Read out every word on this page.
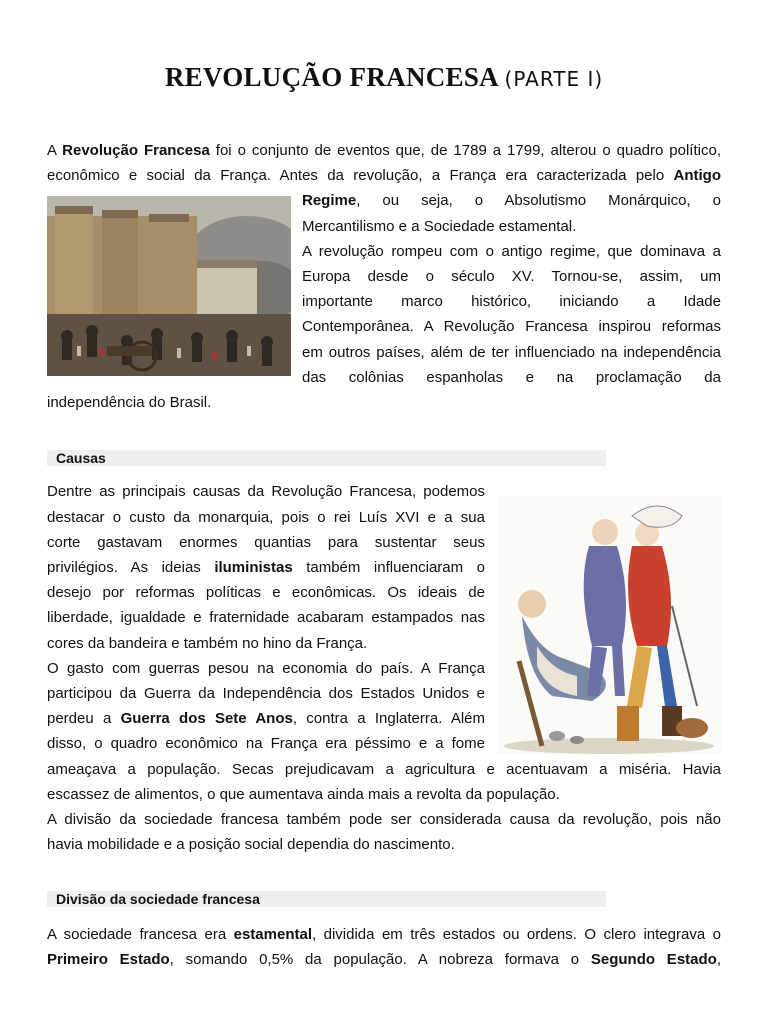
REVOLUÇÃO FRANCESA (PARTE I)
A Revolução Francesa foi o conjunto de eventos que, de 1789 a 1799, alterou o quadro político,
econômico e social da França. Antes da revolução, a França era caracterizada pelo Antigo
Regime, ou seja, o Absolutismo Monárquico, o
Mercantilismo e a Sociedade estamental.
A revolução rompeu com o antigo regime, que dominava a
Europa desde o século XV. Tornou-se, assim, um
importante marco histórico, iniciando a Idade
Contemporânea. A Revolução Francesa inspirou reformas
em outros países, além de ter influenciado na independência
das colônias espanholas e na proclamação da
independência do Brasil.
Causas
Dentre as principais causas da Revolução Francesa, podemos
destacar o custo da monarquia, pois o rei Luís XVI e a sua
corte gastavam enormes quantias para sustentar seus
privilégios. As ideias iluministas também influenciaram o
desejo por reformas políticas e econômicas. Os ideais de
liberdade, igualdade e fraternidade acabaram estampados nas
cores da bandeira e também no hino da França.
O gasto com guerras pesou na economia do país. A França
participou da Guerra da Independência dos Estados Unidos e
perdeu a Guerra dos Sete Anos, contra a Inglaterra. Além
disso, o quadro econômico na França era péssimo e a fome
ameaçava a população. Secas prejudicavam a agricultura e acentuavam a miséria. Havia
escassez de alimentos, o que aumentava ainda mais a revolta da população.
A divisão da sociedade francesa também pode ser considerada causa da revolução, pois não
havia mobilidade e a posição social dependia do nascimento.
Divisão da sociedade francesa
A sociedade francesa era estamental, dividida em três estados ou ordens. O clero integrava o
Primeiro Estado, somando 0,5% da população. A nobreza formava o Segundo Estado,
